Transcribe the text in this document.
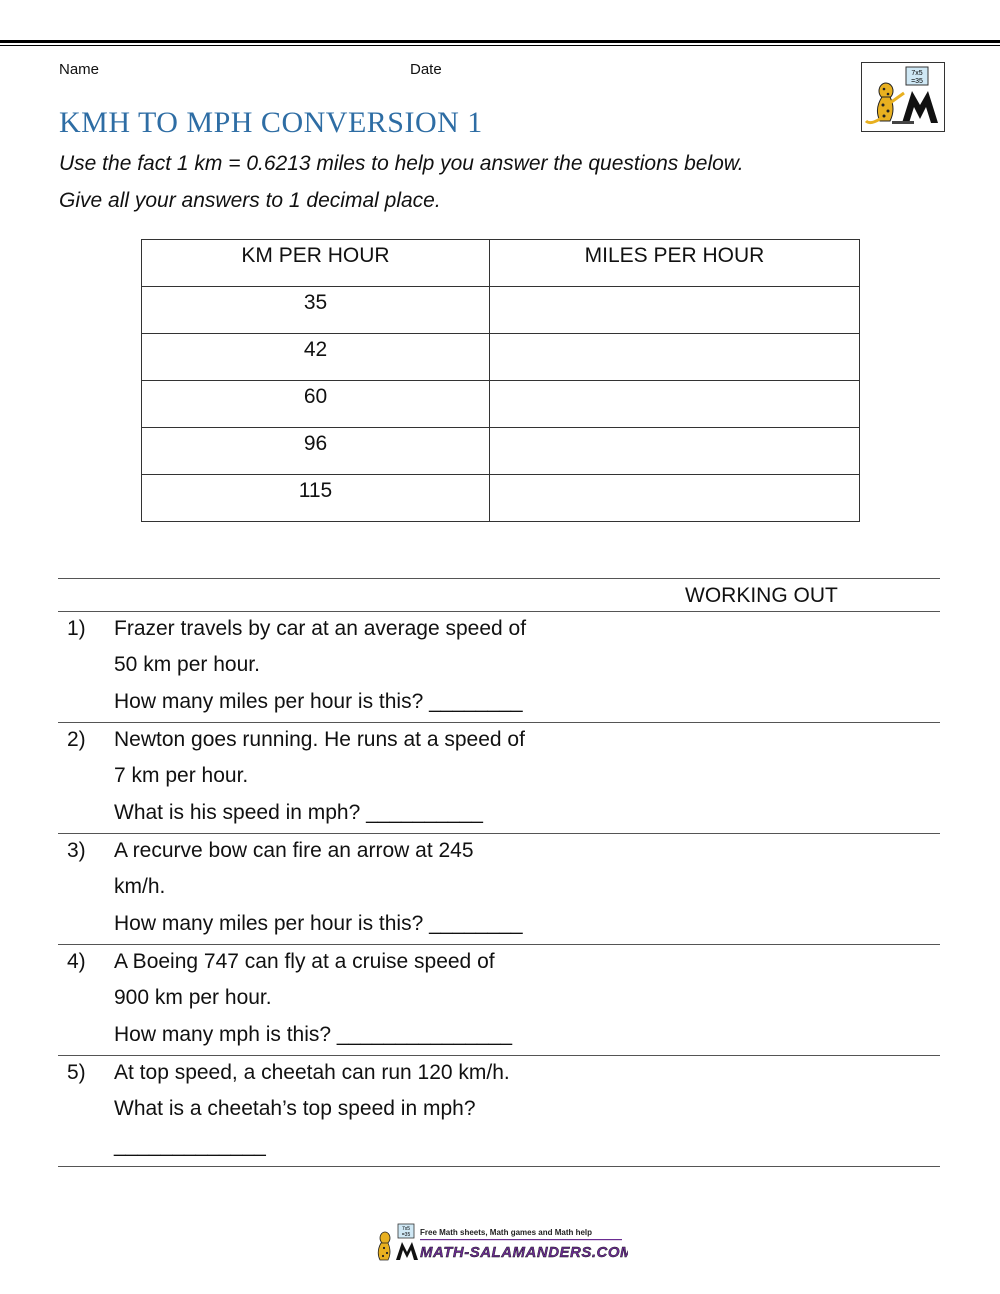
Name	Date	7x5
=35
KMH TO MPH CONVERSION 1
Use the fact 1 km = 0.6213 miles to help you answer the questions below.
Give all your answers to 1 decimal place.
KM PER HOUR	MILES PER HOUR

35	

42	

60	

96	

115	

WORKING OUT
1) Frazer travels by car at an average speed of
50 km per hour.
How many miles per hour is this? ________
2) Newton goes running. He runs at a speed of
7 km per hour.
What is his speed in mph? __________
3) A recurve bow can fire an arrow at 245
km/h.
How many miles per hour is this? ________
4) A Boeing 747 can fly at a cruise speed of
900 km per hour.
How many mph is this? _______________
5) At top speed, a cheetah can run 120 km/h.
What is a cheetah’s top speed in mph?
_____________
7x5
=35 Free Math sheets, Math games and Math help
MATH-SALAMANDERS.COM
